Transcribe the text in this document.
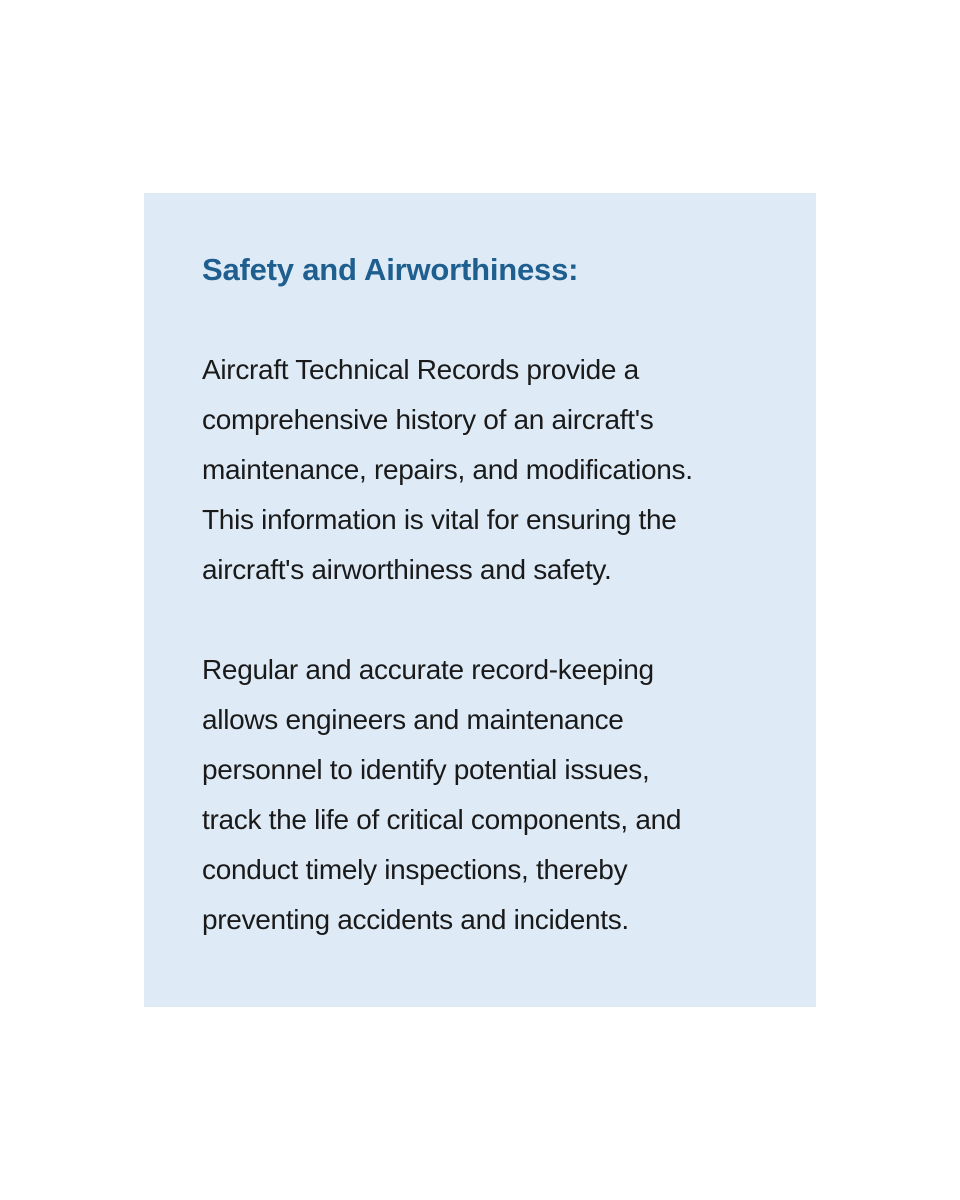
Safety and Airworthiness:

Aircraft Technical Records provide a
comprehensive history of an aircraft's
maintenance, repairs, and modifications.
This information is vital for ensuring the
aircraft's airworthiness and safety.

Regular and accurate record-keeping
allows engineers and maintenance
personnel to identify potential issues,
track the life of critical components, and
conduct timely inspections, thereby
preventing accidents and incidents.
